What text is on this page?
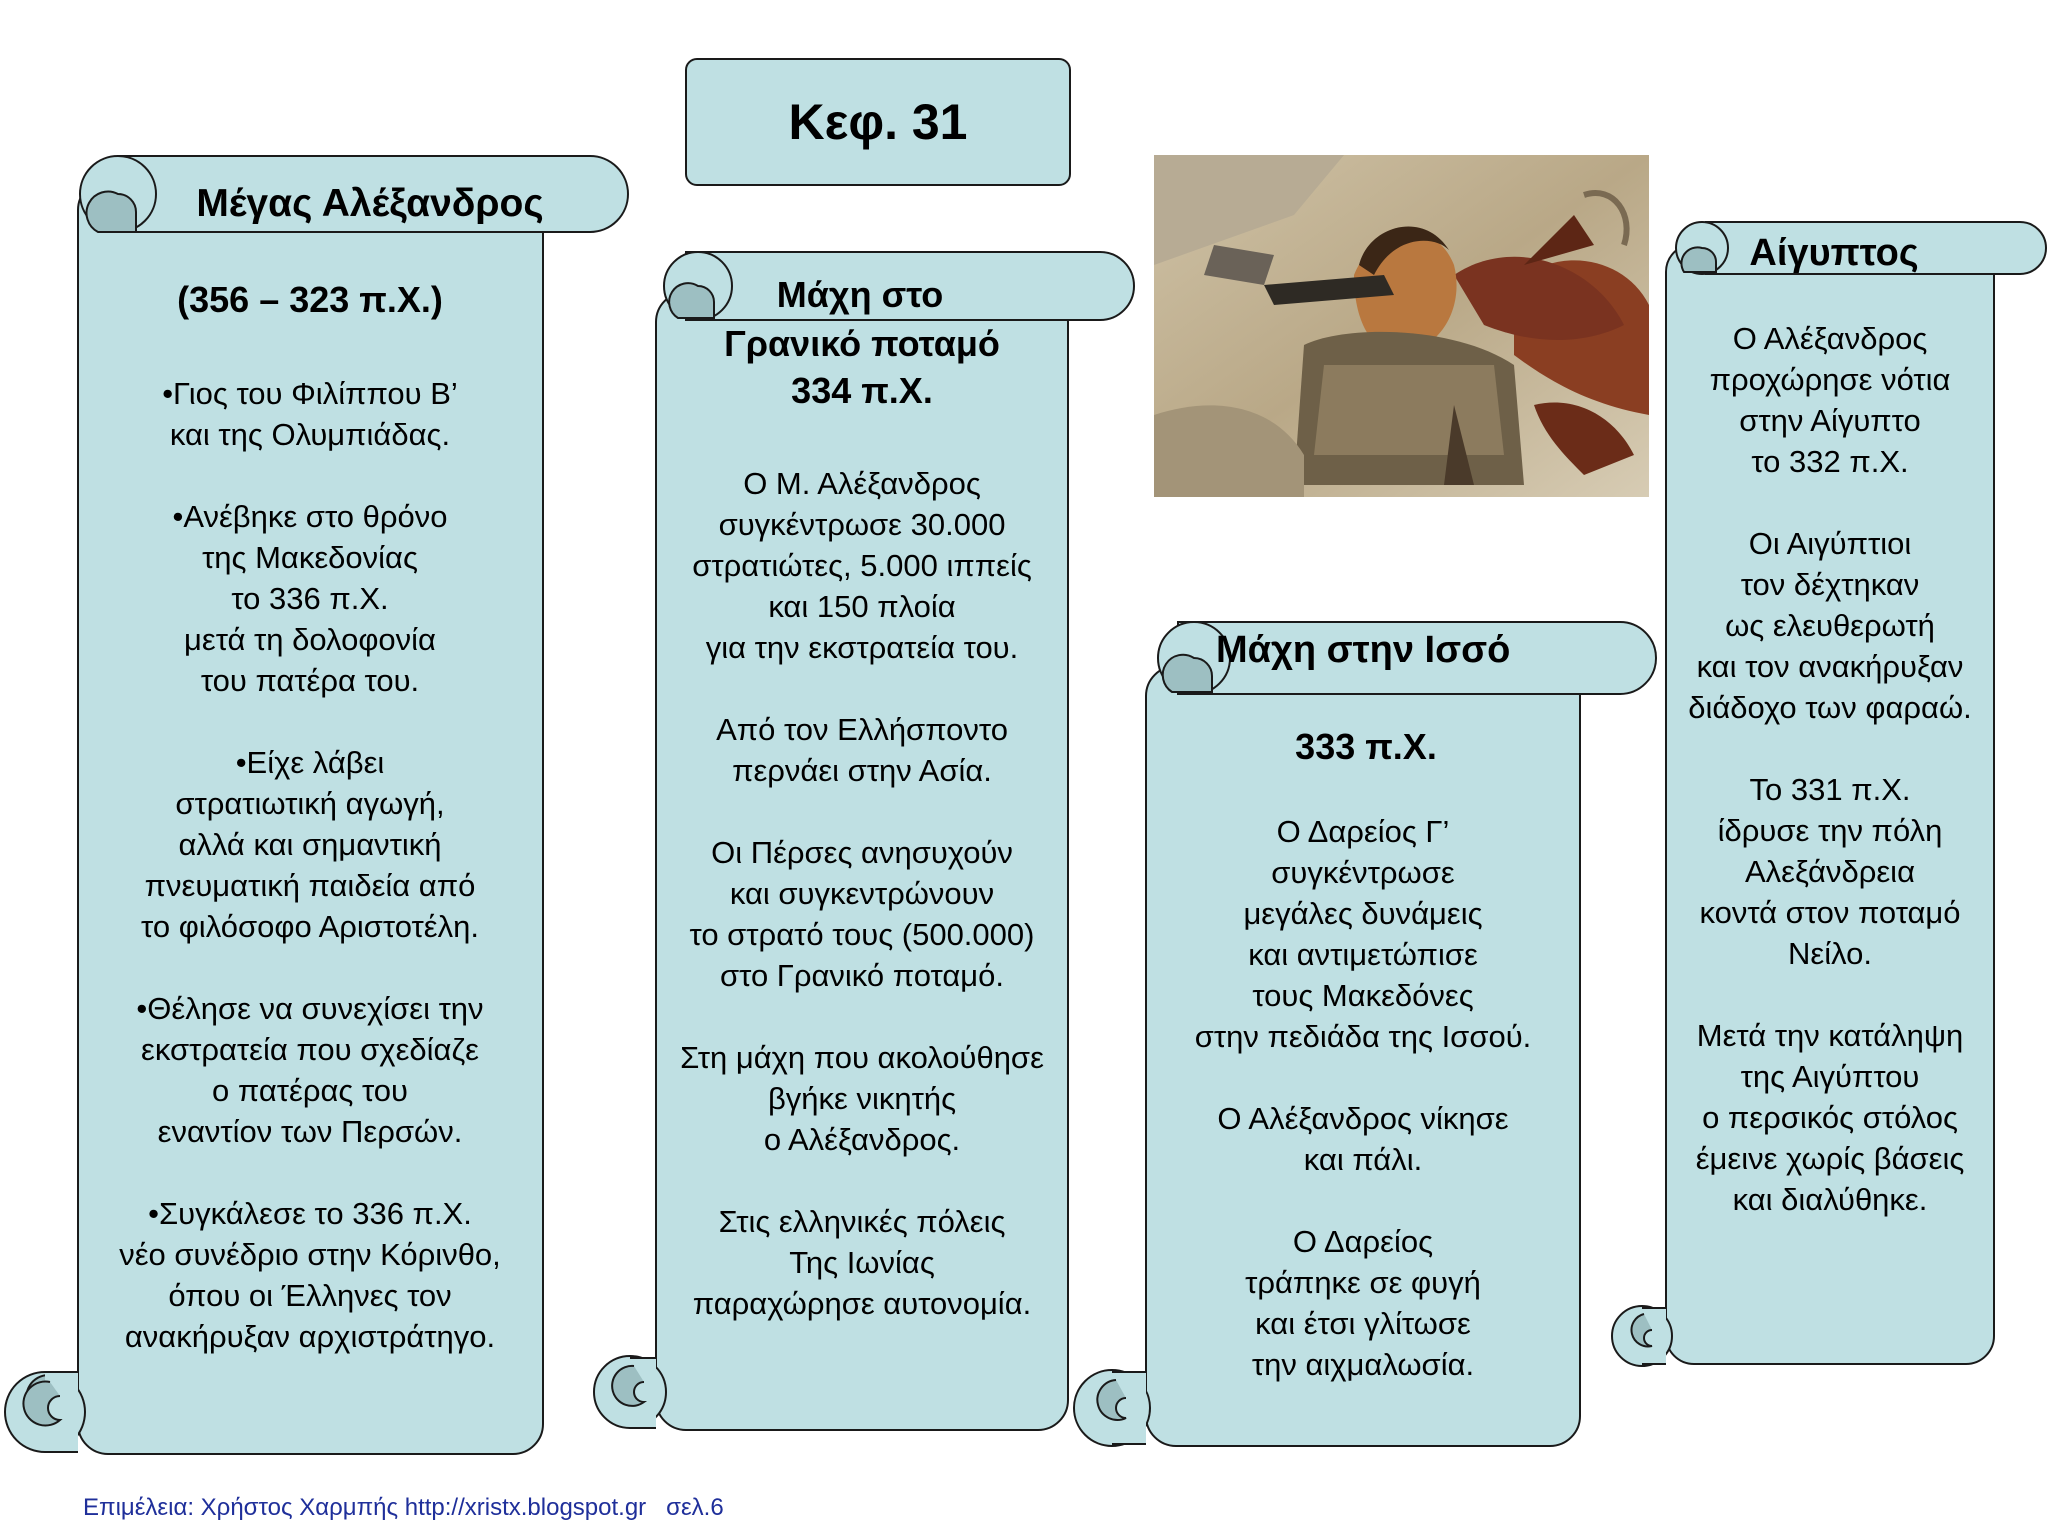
Κεφ. 31
Μέγας Αλέξανδρος
(356 – 323 π.Χ.)
•Γιος του Φιλίππου Β’
και της Ολυμπιάδας.

•Ανέβηκε στο θρόνο
της Μακεδονίας
το 336 π.Χ.
μετά τη δολοφονία
του πατέρα του.

•Είχε λάβει
στρατιωτική αγωγή,
αλλά και σημαντική
πνευματική παιδεία από
το φιλόσοφο Αριστοτέλη.

•Θέλησε να συνεχίσει την
εκστρατεία που σχεδίαζε
ο πατέρας του
εναντίον των Περσών.

•Συγκάλεσε το 336 π.Χ.
νέο συνέδριο στην Κόρινθο,
όπου οι Έλληνες τον
ανακήρυξαν αρχιστράτηγο.
Μάχη στο
Γρανικό ποταμό
334 π.Χ.
Ο Μ. Αλέξανδρος
συγκέντρωσε 30.000
στρατιώτες, 5.000 ιππείς
και 150 πλοία
για την εκστρατεία του.

Από τον Ελλήσποντο
περνάει στην Ασία.

Οι Πέρσες ανησυχούν
και συγκεντρώνουν
το στρατό τους (500.000)
στο Γρανικό ποταμό.

Στη μάχη που ακολούθησε
βγήκε νικητής
ο Αλέξανδρος.

Στις ελληνικές πόλεις
Της Ιωνίας
παραχώρησε αυτονομία.
Μάχη στην Ισσό
333 π.Χ.
Ο Δαρείος Γ’
συγκέντρωσε
μεγάλες δυνάμεις
και αντιμετώπισε
τους Μακεδόνες
στην πεδιάδα της Ισσού.

Ο Αλέξανδρος νίκησε
και πάλι.

Ο Δαρείος
τράπηκε σε φυγή
και έτσι γλίτωσε
την αιχμαλωσία.
Αίγυπτος
Ο Αλέξανδρος
προχώρησε νότια
στην Αίγυπτο
το 332 π.Χ.

Οι Αιγύπτιοι
τον δέχτηκαν
ως ελευθερωτή
και τον ανακήρυξαν
διάδοχο των φαραώ.

Το 331 π.Χ.
ίδρυσε την πόλη
Αλεξάνδρεια
κοντά στον ποταμό
Νείλο.

Μετά την κατάληψη
της Αιγύπτου
ο περσικός στόλος
έμεινε χωρίς βάσεις
και διαλύθηκε.
Επιμέλεια: Χρήστος Χαρμπής http://xristx.blogspot.gr   σελ.6
